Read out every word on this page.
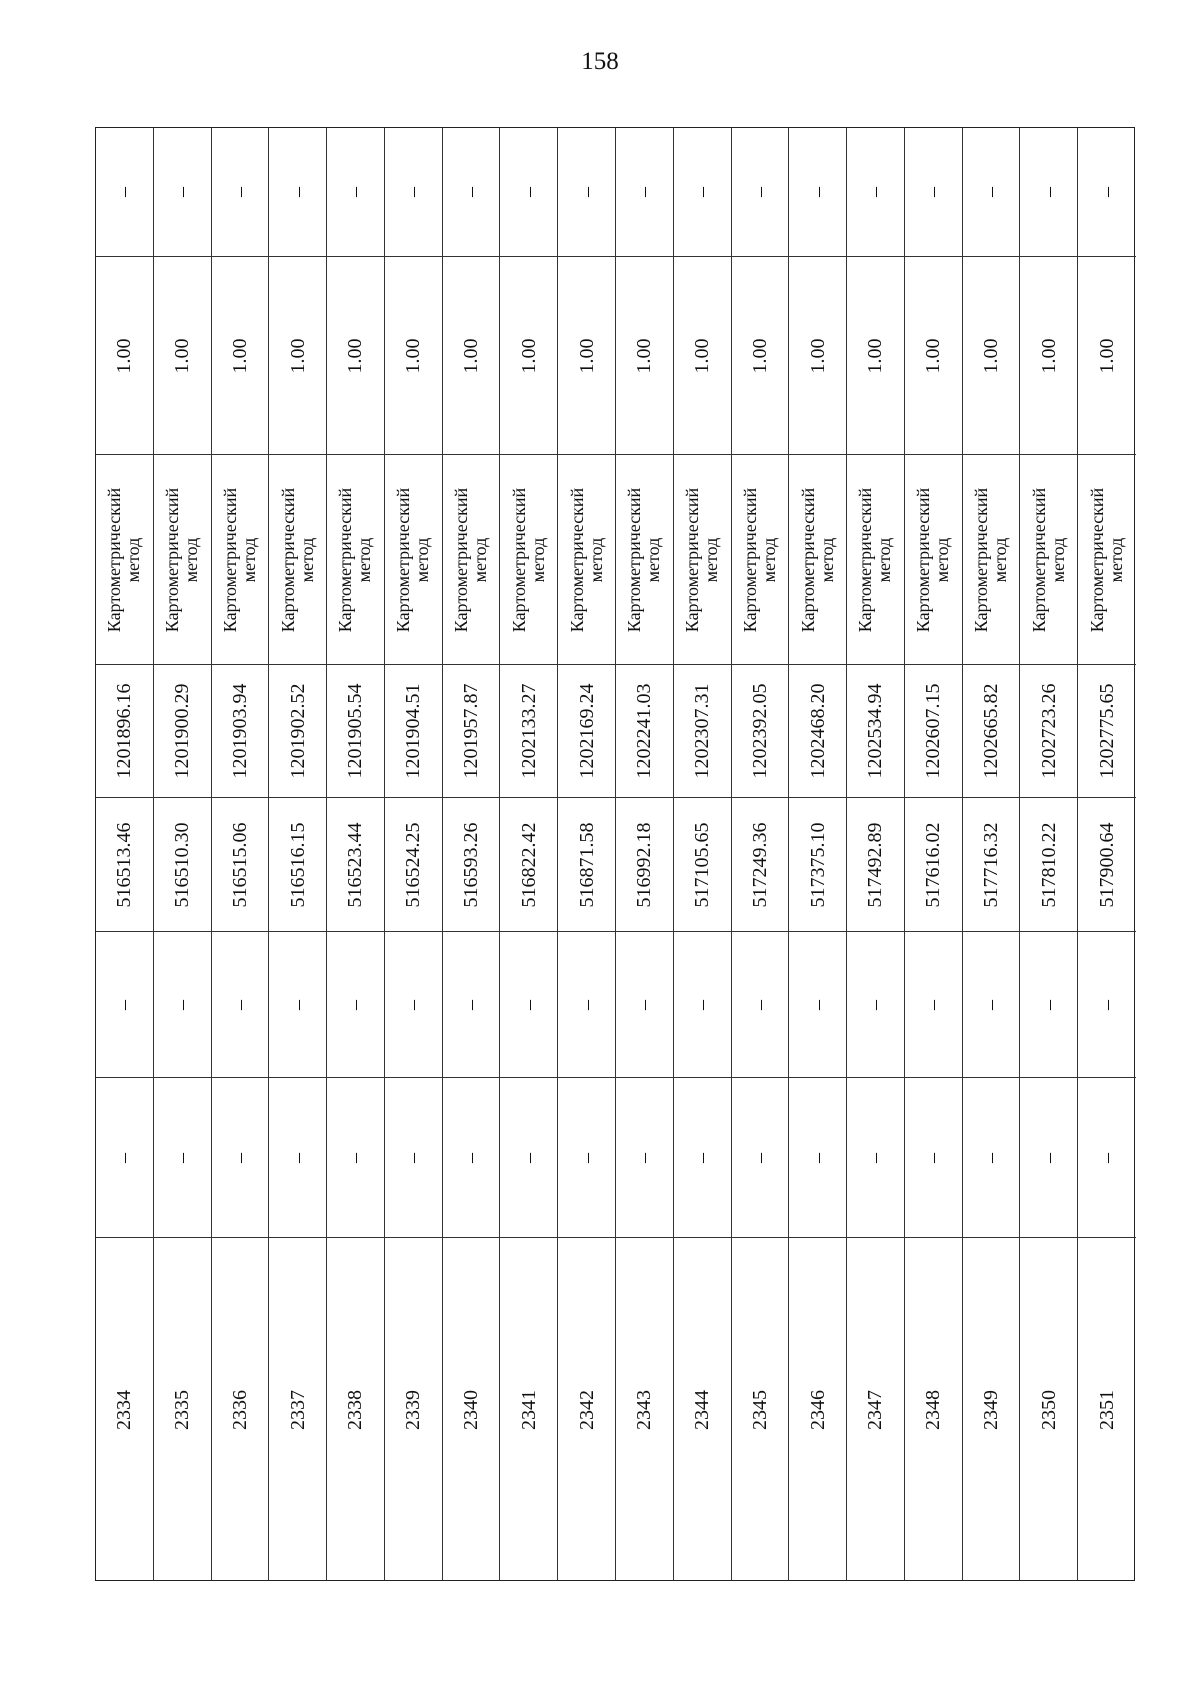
158
–
1.00
Картометрический метод
1201896.16
516513.46
–
–
2334
–
1.00
Картометрический метод
1201900.29
516510.30
–
–
2335
–
1.00
Картометрический метод
1201903.94
516515.06
–
–
2336
–
1.00
Картометрический метод
1201902.52
516516.15
–
–
2337
–
1.00
Картометрический метод
1201905.54
516523.44
–
–
2338
–
1.00
Картометрический метод
1201904.51
516524.25
–
–
2339
–
1.00
Картометрический метод
1201957.87
516593.26
–
–
2340
–
1.00
Картометрический метод
1202133.27
516822.42
–
–
2341
–
1.00
Картометрический метод
1202169.24
516871.58
–
–
2342
–
1.00
Картометрический метод
1202241.03
516992.18
–
–
2343
–
1.00
Картометрический метод
1202307.31
517105.65
–
–
2344
–
1.00
Картометрический метод
1202392.05
517249.36
–
–
2345
–
1.00
Картометрический метод
1202468.20
517375.10
–
–
2346
–
1.00
Картометрический метод
1202534.94
517492.89
–
–
2347
–
1.00
Картометрический метод
1202607.15
517616.02
–
–
2348
–
1.00
Картометрический метод
1202665.82
517716.32
–
–
2349
–
1.00
Картометрический метод
1202723.26
517810.22
–
–
2350
–
1.00
Картометрический метод
1202775.65
517900.64
–
–
2351
